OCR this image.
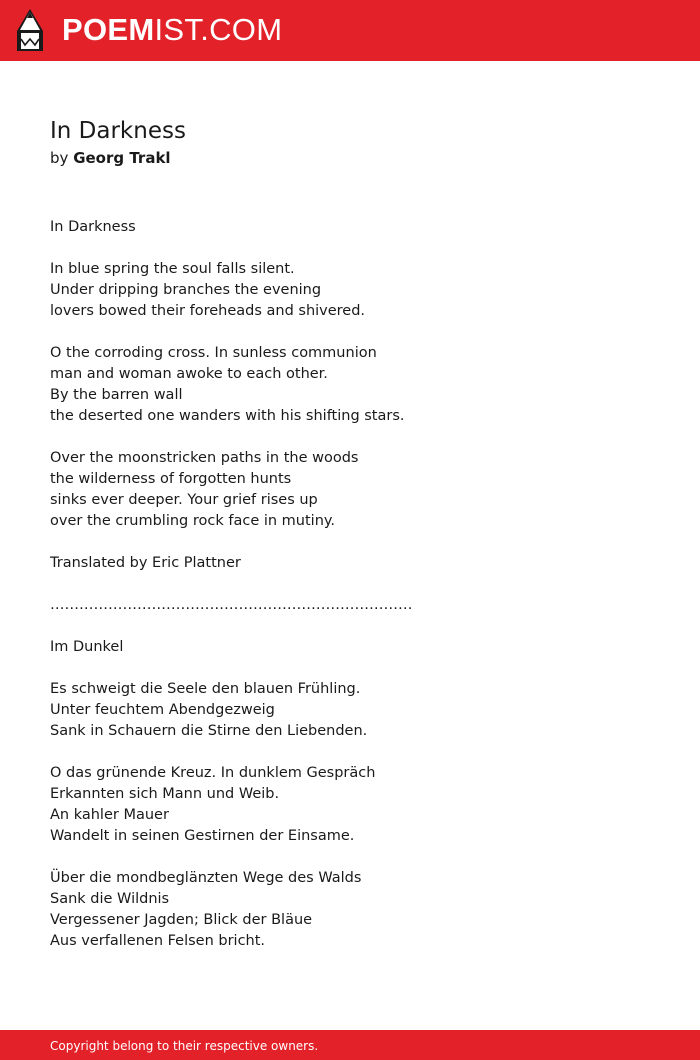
POEMIST.COM
In Darkness

by Georg Trakl

In Darkness

In blue spring the soul falls silent.
Under dripping branches the evening
lovers bowed their foreheads and shivered.

O the corroding cross. In sunless communion
man and woman awoke to each other.
By the barren wall
the deserted one wanders with his shifting stars.

Over the moonstricken paths in the woods
the wilderness of forgotten hunts
sinks ever deeper. Your grief rises up
over the crumbling rock face in mutiny.

Translated by Eric Plattner

…………………………………………………………………

Im Dunkel

Es schweigt die Seele den blauen Frühling.
Unter feuchtem Abendgezweig
Sank in Schauern die Stirne den Liebenden.

O das grünende Kreuz. In dunklem Gespräch
Erkannten sich Mann und Weib.
An kahler Mauer
Wandelt in seinen Gestirnen der Einsame.

Über die mondbeglänzten Wege des Walds
Sank die Wildnis
Vergessener Jagden; Blick der Bläue
Aus verfallenen Felsen bricht.
Copyright belong to their respective owners.
